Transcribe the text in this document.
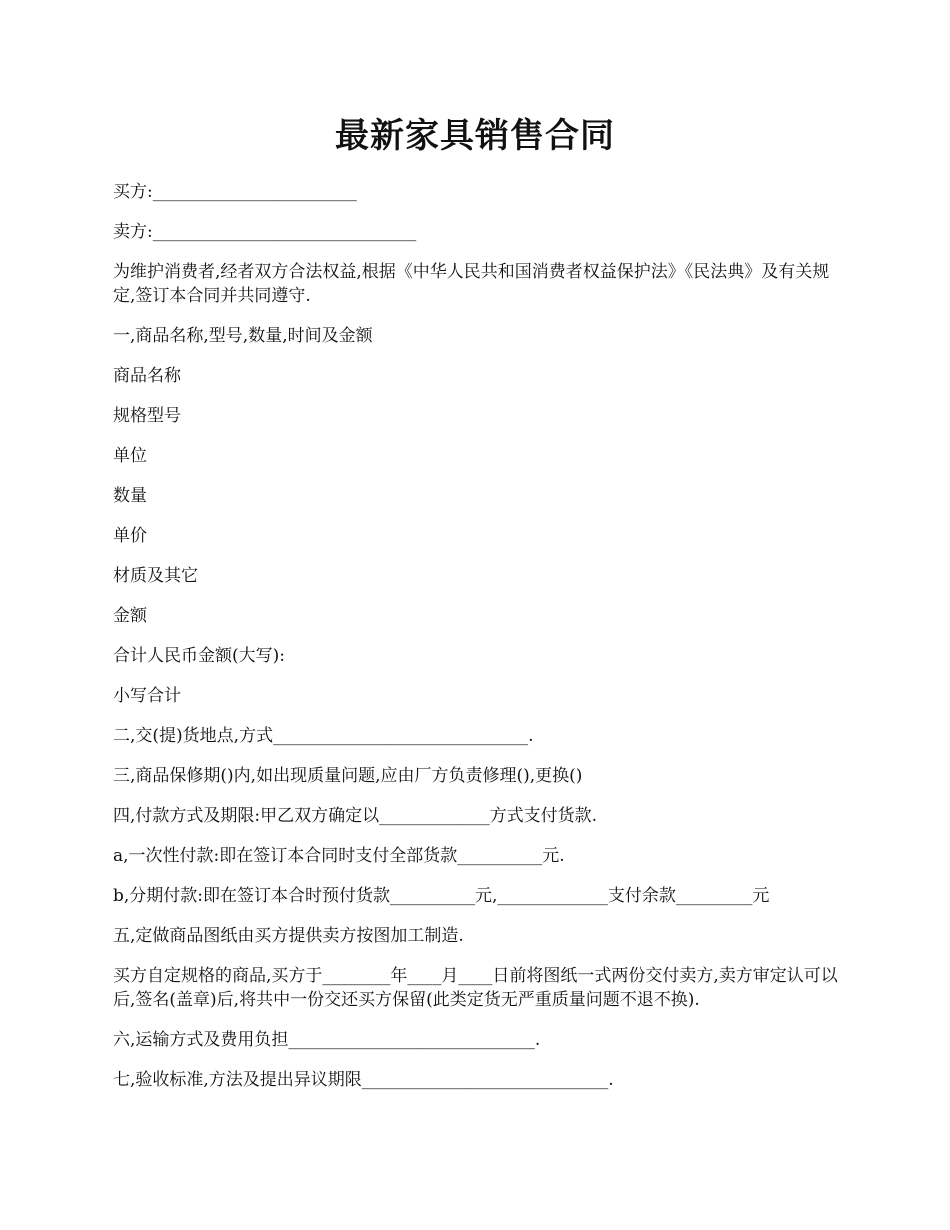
最新家具销售合同

买方:________________________

卖方:_______________________________

为维护消费者,经者双方合法权益,根据《中华人民共和国消费者权益保护法》《民法典》及有关规定,签订本合同并共同遵守.

一,商品名称,型号,数量,时间及金额

商品名称

规格型号

单位

数量

单价

材质及其它

金额

合计人民币金额(大写):

小写合计

二,交(提)货地点,方式______________________________.

三,商品保修期()内,如出现质量问题,应由厂方负责修理(),更换()

四,付款方式及期限:甲乙双方确定以_____________方式支付货款.

a,一次性付款:即在签订本合同时支付全部货款__________元.

b,分期付款:即在签订本合时预付货款__________元,_____________支付余款_________元

五,定做商品图纸由买方提供卖方按图加工制造.

买方自定规格的商品,买方于________年____月____日前将图纸一式两份交付卖方,卖方审定认可以后,签名(盖章)后,将共中一份交还买方保留(此类定货无严重质量问题不退不换).

六,运输方式及费用负担_____________________________.

七,验收标准,方法及提出异议期限_____________________________.
